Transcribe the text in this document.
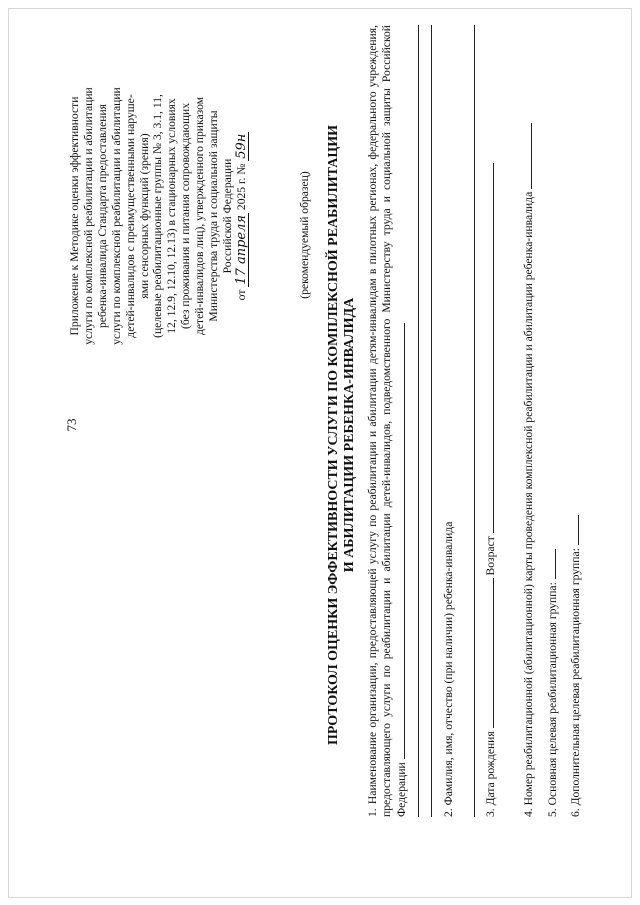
73
Приложение к Методике оценки эффективности услуги по комплексной реабилитации и абилитации ребенка-инвалида Стандарта предоставления услуги по комплексной реабилитации и абилитации детей-инвалидов с преимущественными наруше- ями сенсорных функций (зрения) (целевые реабилитационные группы № 3, 3.1, 11, 12, 12.9, 12.10, 12.13) в стационарных условиях (без проживания и питания сопровождающих детей-инвалидов лиц), утвержденного приказом Министерства труда и социальной защиты Российской Федерации
от 17 апреля 2025 г. № 59н
(рекомендуемый образец) ПРОТОКОЛ ОЦЕНКИ ЭФФЕКТИВНОСТИ УСЛУГИ ПО КОМПЛЕКСНОЙ РЕАБИЛИТАЦИИ И АБИЛИТАЦИИ РЕБЕНКА-ИНВАЛИДА 1. Наименование организации, предоставляющей услугу по реабилитации и абилитации детям-инвалидам в пилотных регионах, федерального учреждения, предоставляющего услуги по реабилитации и абилитации детей-инвалидов, подведомственного Министерству труда и социальной защиты Российской Федерации	2. Фамилия, имя, отчество (при наличии) ребенка-инвалида	3. Дата рождения  Возраст 4. Номер реабилитационной (абилитационной) карты проведения комплексной реабилитации и абилитации ребенка-инвалида 5. Основная целевая реабилитационная группа: 6. Дополнительная целевая реабилитационная группа:
